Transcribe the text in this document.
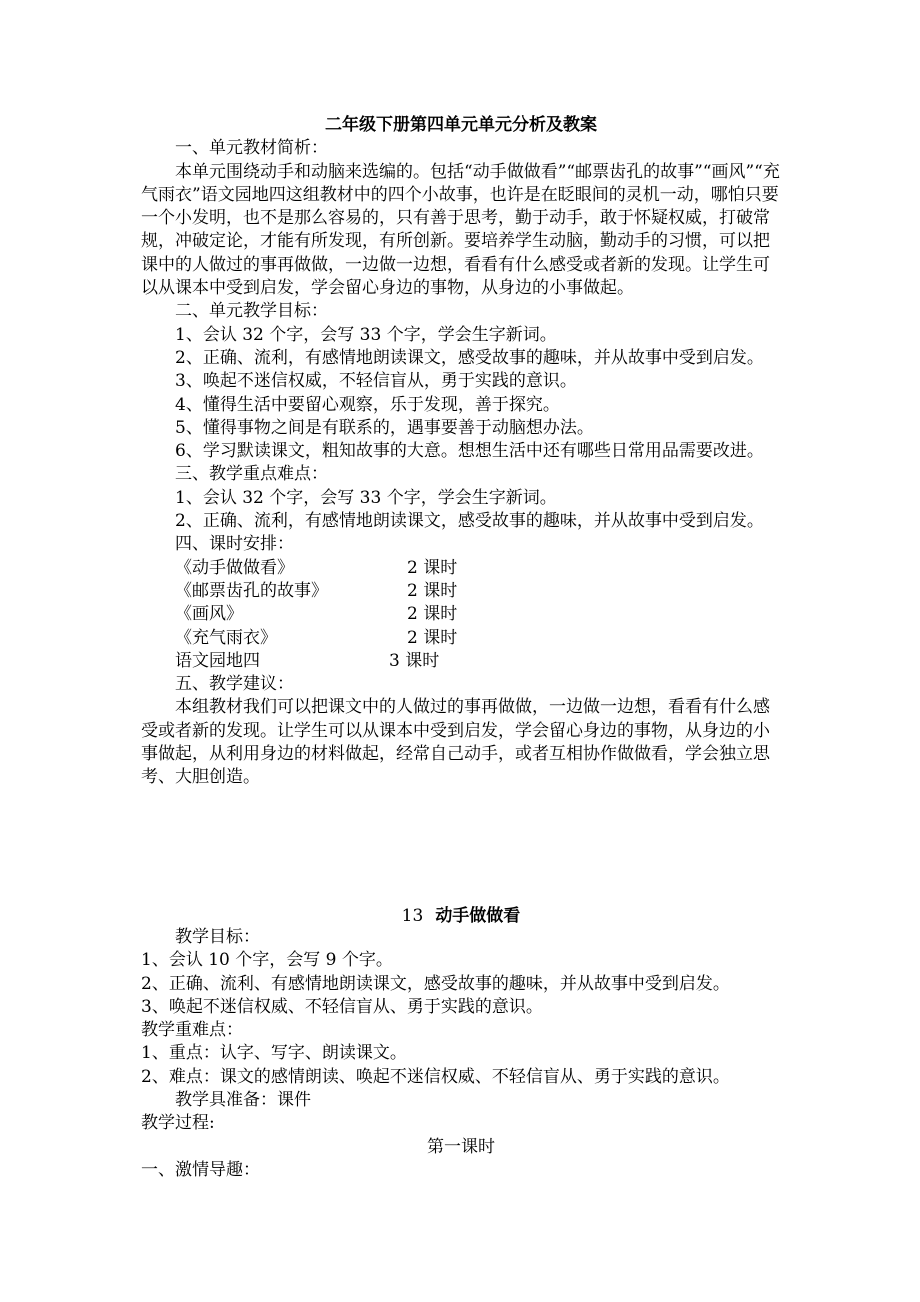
二年级下册第四单元单元分析及教案

一、单元教材简析：

本单元围绕动手和动脑来选编的。包括“动手做做看”“邮票齿孔的故事”“画风”“充气雨衣”语文园地四这组教材中的四个小故事，也许是在眨眼间的灵机一动，哪怕只要一个小发明，也不是那么容易的，只有善于思考，勤于动手，敢于怀疑权威，打破常规，冲破定论，才能有所发现，有所创新。要培养学生动脑，勤动手的习惯，可以把课中的人做过的事再做做，一边做一边想，看看有什么感受或者新的发现。让学生可以从课本中受到启发，学会留心身边的事物，从身边的小事做起。

二、单元教学目标：

1、会认 32 个字，会写 33 个字，学会生字新词。

2、正确、流利，有感情地朗读课文，感受故事的趣味，并从故事中受到启发。

3、唤起不迷信权威，不轻信盲从，勇于实践的意识。

4、懂得生活中要留心观察，乐于发现，善于探究。

5、懂得事物之间是有联系的，遇事要善于动脑想办法。

6、学习默读课文，粗知故事的大意。想想生活中还有哪些日常用品需要改进。

三、教学重点难点：

1、会认 32 个字，会写 33 个字，学会生字新词。

2、正确、流利，有感情地朗读课文，感受故事的趣味，并从故事中受到启发。

四、课时安排：

《动手做做看》	2 课时
《邮票齿孔的故事》	2 课时
《画风》	2 课时
《充气雨衣》	2 课时
语文园地四	3 课时

五、教学建议：

本组教材我们可以把课文中的人做过的事再做做，一边做一边想，看看有什么感受或者新的发现。让学生可以从课本中受到启发，学会留心身边的事物，从身边的小事做起，从利用身边的材料做起，经常自己动手，或者互相协作做做看，学会独立思考、大胆创造。

13 动手做做看

教学目标：

1、会认 10 个字，会写 9 个字。

2、正确、流利、有感情地朗读课文，感受故事的趣味，并从故事中受到启发。

3、唤起不迷信权威、不轻信盲从、勇于实践的意识。

教学重难点：

1、重点：认字、写字、朗读课文。

2、难点：课文的感情朗读、唤起不迷信权威、不轻信盲从、勇于实践的意识。

教学具准备：课件

教学过程:

第一课时

一、激情导趣：
